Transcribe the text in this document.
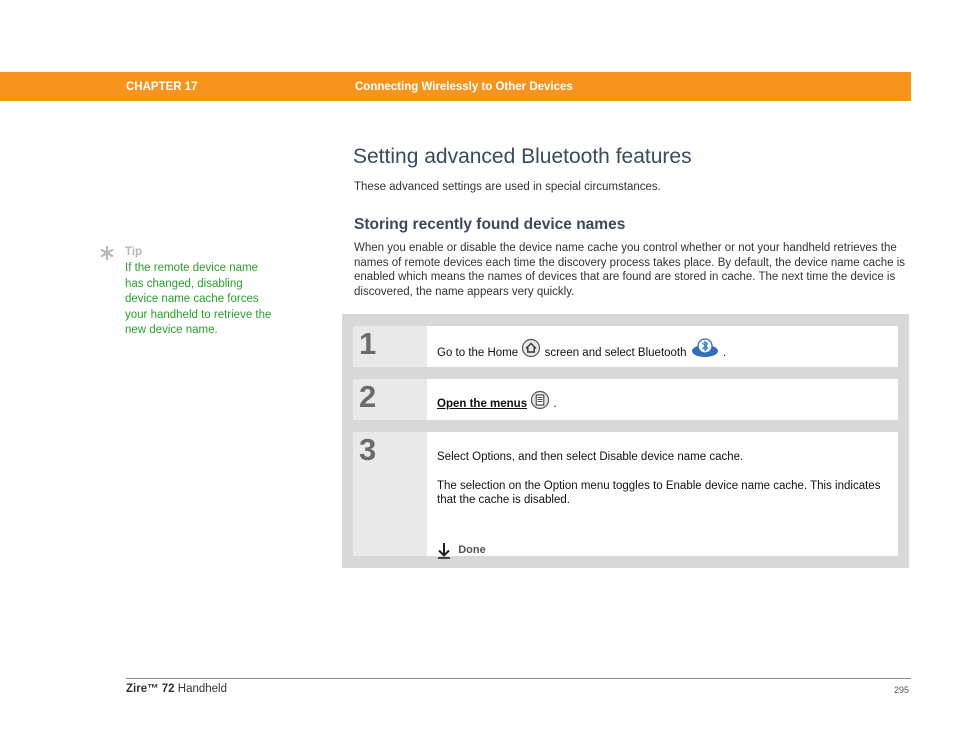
CHAPTER 17	Connecting Wirelessly to Other Devices
Setting advanced Bluetooth features
These advanced settings are used in special circumstances.
Storing recently found device names
When you enable or disable the device name cache you control whether or not your handheld retrieves the names of remote devices each time the discovery process takes place. By default, the device name cache is enabled which means the names of devices that are found are stored in cache. The next time the device is discovered, the name appears very quickly.
Tip
If the remote device name has changed, disabling device name cache forces your handheld to retrieve the new device name.	1	Go to the Home screen and select Bluetooth	.
2	Open the menus .
3	Select Options, and then select Disable device name cache.
The selection on the Option menu toggles to Enable device name cache. This indicates that the cache is disabled.
Done
Zire™ 72 Handheld	295
